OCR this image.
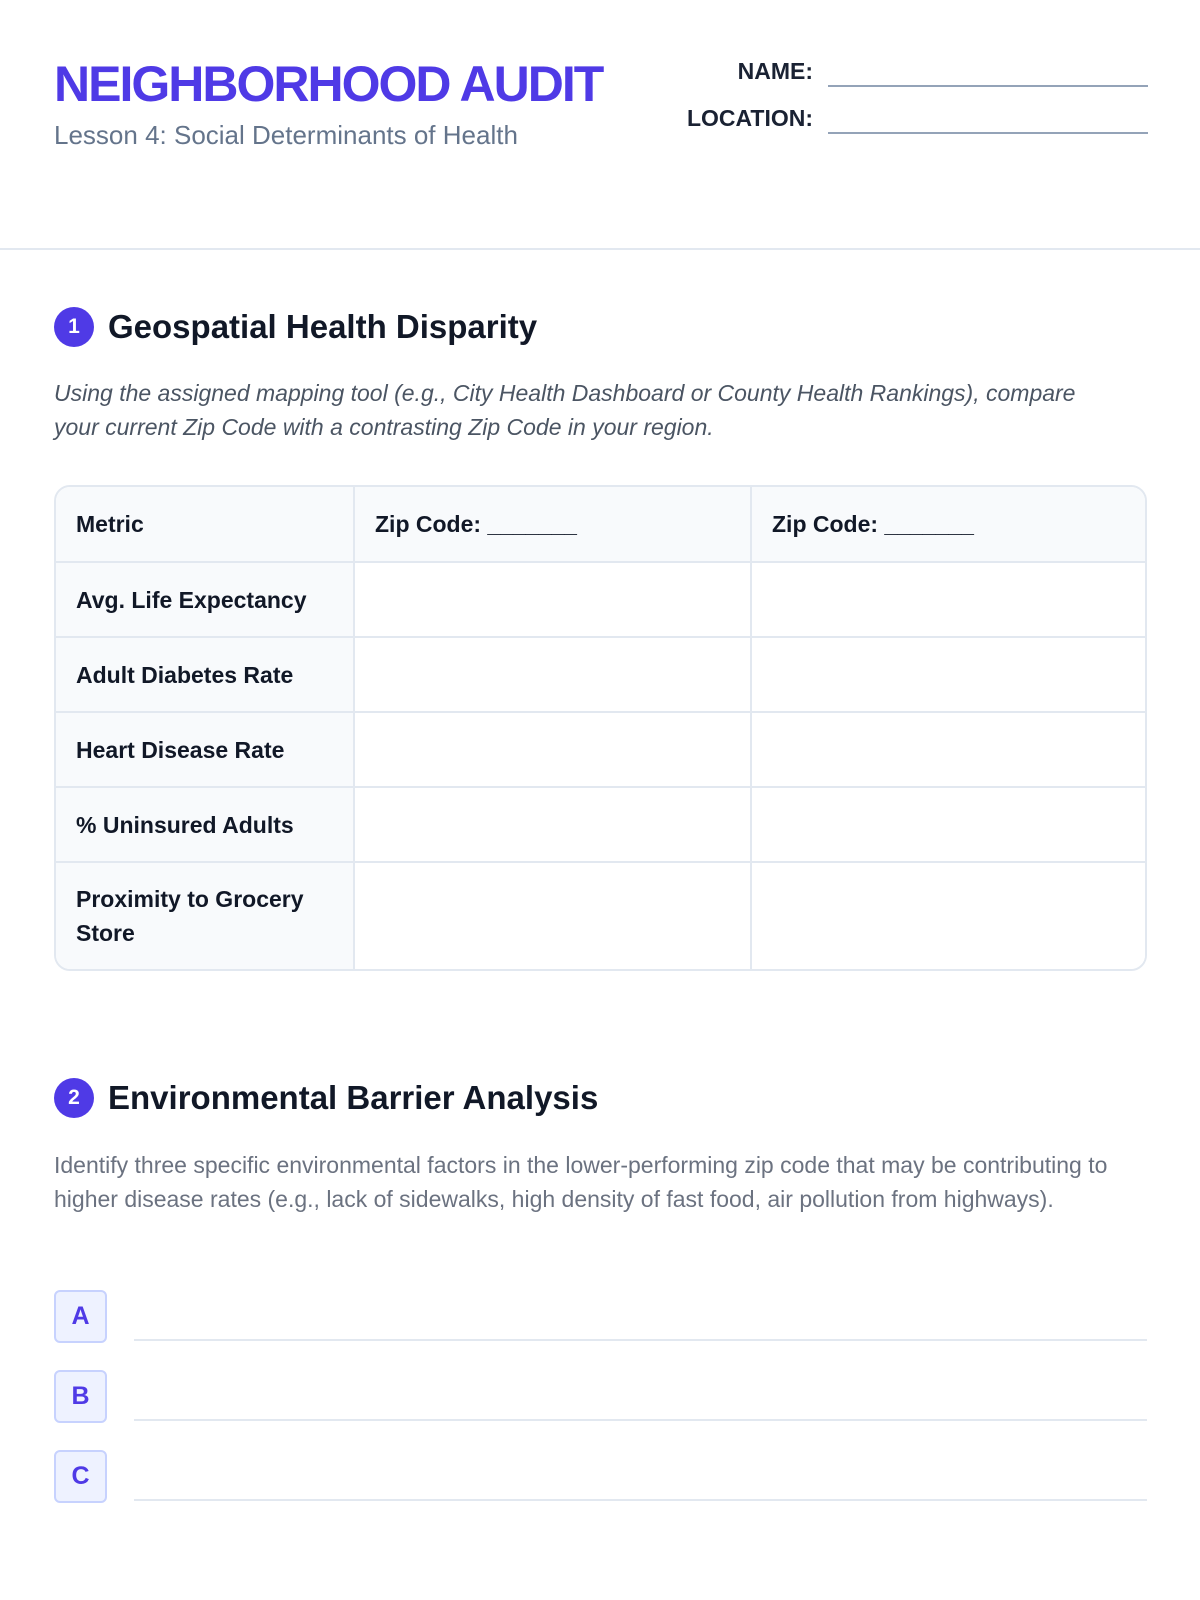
NEIGHBORHOOD AUDIT
Lesson 4: Social Determinants of Health
NAME:
LOCATION:
1 Geospatial Health Disparity

Using the assigned mapping tool (e.g., City Health Dashboard or County Health Rankings), compare your current Zip Code with a contrasting Zip Code in your region.

Metric	Zip Code: _______	Zip Code: _______
Avg. Life Expectancy		
Adult Diabetes Rate		
Heart Disease Rate		
% Uninsured Adults		
Proximity to Grocery Store		
2 Environmental Barrier Analysis

Identify three specific environmental factors in the lower-performing zip code that may be contributing to higher disease rates (e.g., lack of sidewalks, high density of fast food, air pollution from highways).

A
B
C
